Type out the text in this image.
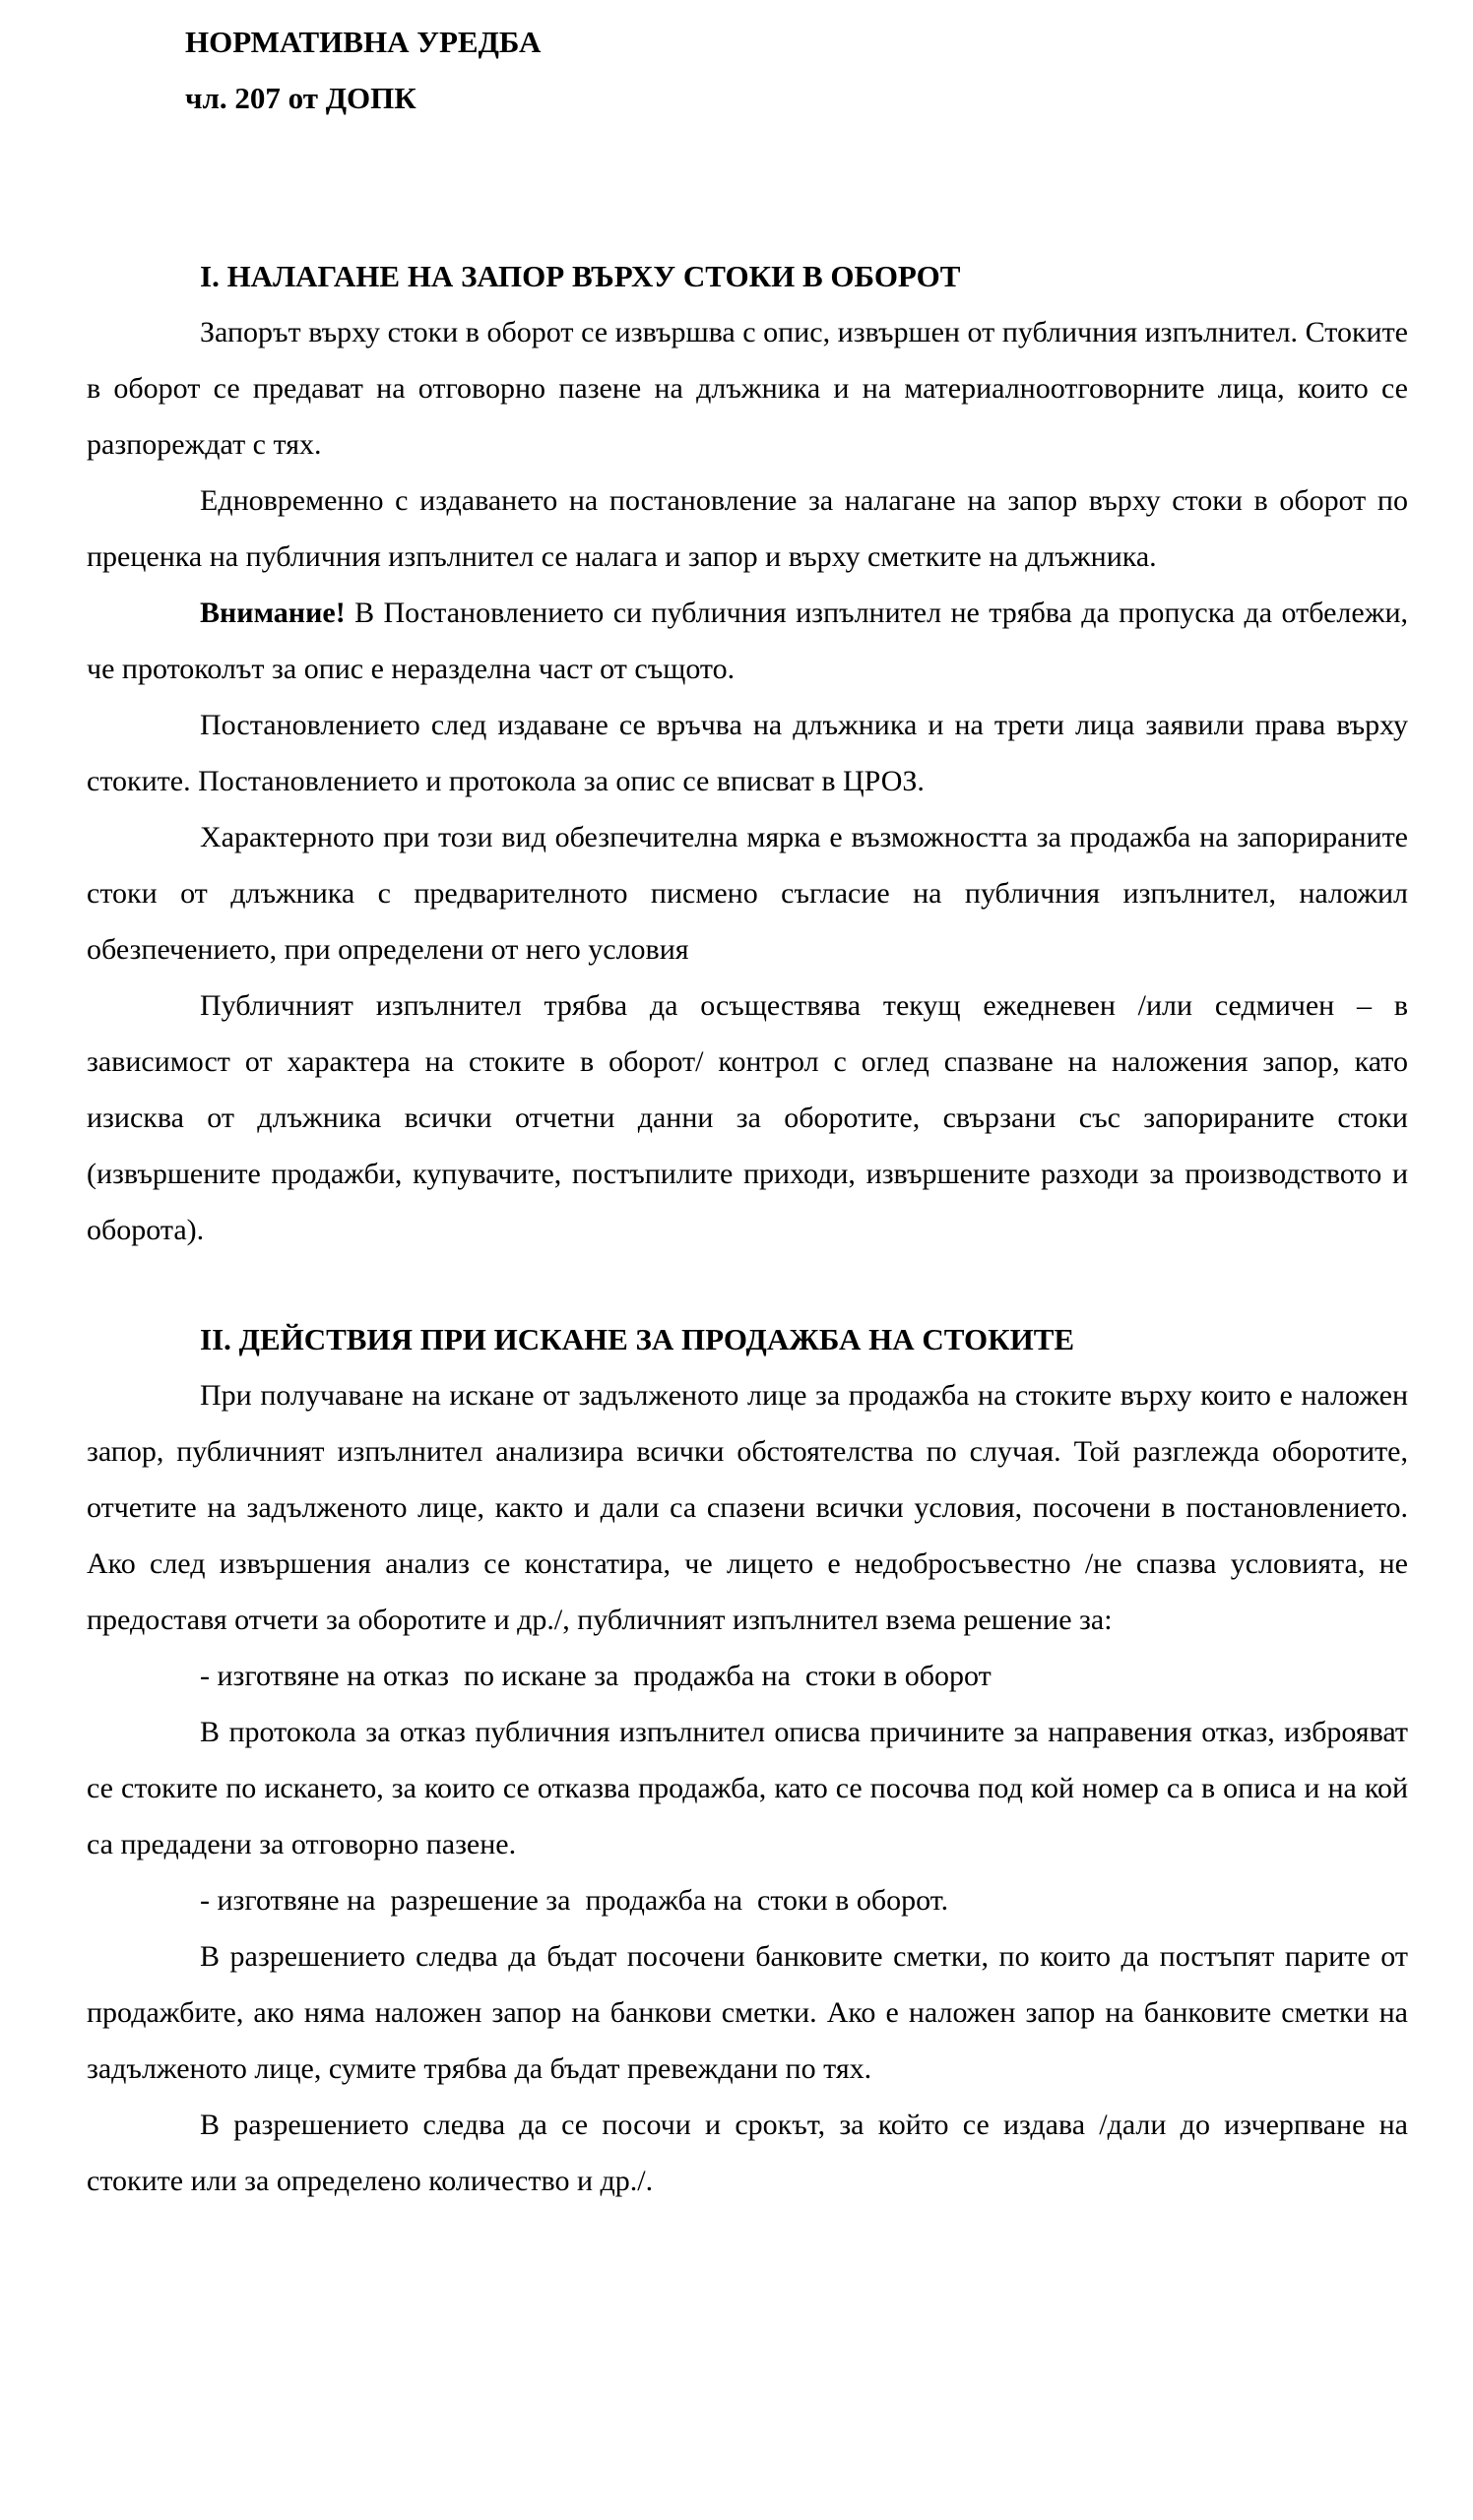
НОРМАТИВНА УРЕДБА
чл. 207 от ДОПК
I. НАЛАГАНЕ НА ЗАПОР ВЪРХУ СТОКИ В ОБОРОТ

Запорът върху стоки в оборот се извършва с опис, извършен от публичния изпълнител. Стоките в оборот се предават на отговорно пазене на длъжника и на материалноотговорните лица, които се разпореждат с тях.

Едновременно с издаването на постановление за налагане на запор върху стоки в оборот по преценка на публичния изпълнител се налага и запор и върху сметките на длъжника.

Внимание! В Постановлението си публичния изпълнител не трябва да пропуска да отбележи, че протоколът за опис е неразделна част от същото.

Постановлението след издаване се връчва на длъжника и на трети лица заявили права върху стоките. Постановлението и протокола за опис се вписват в ЦРОЗ.

Характерното при този вид обезпечителна мярка е възможността за продажба на запорираните стоки от длъжника с предварителното писмено съгласие на публичния изпълнител, наложил обезпечението, при определени от него условия

Публичният изпълнител трябва да осъществява текущ ежедневен /или седмичен – в зависимост от характера на стоките в оборот/ контрол с оглед спазване на наложения запор, като изисква от длъжника всички отчетни данни за оборотите, свързани със запорираните стоки (извършените продажби, купувачите, постъпилите приходи, извършените разходи за производството и оборота).

II. ДЕЙСТВИЯ ПРИ ИСКАНЕ ЗА ПРОДАЖБА НА СТОКИТЕ

При получаване на искане от задълженото лице за продажба на стоките върху които е наложен запор, публичният изпълнител анализира всички обстоятелства по случая. Той разглежда оборотите, отчетите на задълженото лице, както и дали са спазени всички условия, посочени в постановлението. Ако след извършения анализ се констатира, че лицето е недобросъвестно /не спазва условията, не предоставя отчети за оборотите и др./, публичният изпълнител взема решение за:

- изготвяне на отказ  по искане за  продажба на  стоки в оборот

В протокола за отказ публичния изпълнител описва причините за направения отказ, изброяват се стоките по искането, за които се отказва продажба, като се посочва под кой номер са в описа и на кой са предадени за отговорно пазене.

- изготвяне на  разрешение за  продажба на  стоки в оборот.

В разрешението следва да бъдат посочени банковите сметки, по които да постъпят парите от продажбите, ако няма наложен запор на банкови сметки. Ако е наложен запор на банковите сметки на задълженото лице, сумите трябва да бъдат превеждани по тях.

В разрешението следва да се посочи и срокът, за който се издава /дали до изчерпване на стоките или за определено количество и др./.
